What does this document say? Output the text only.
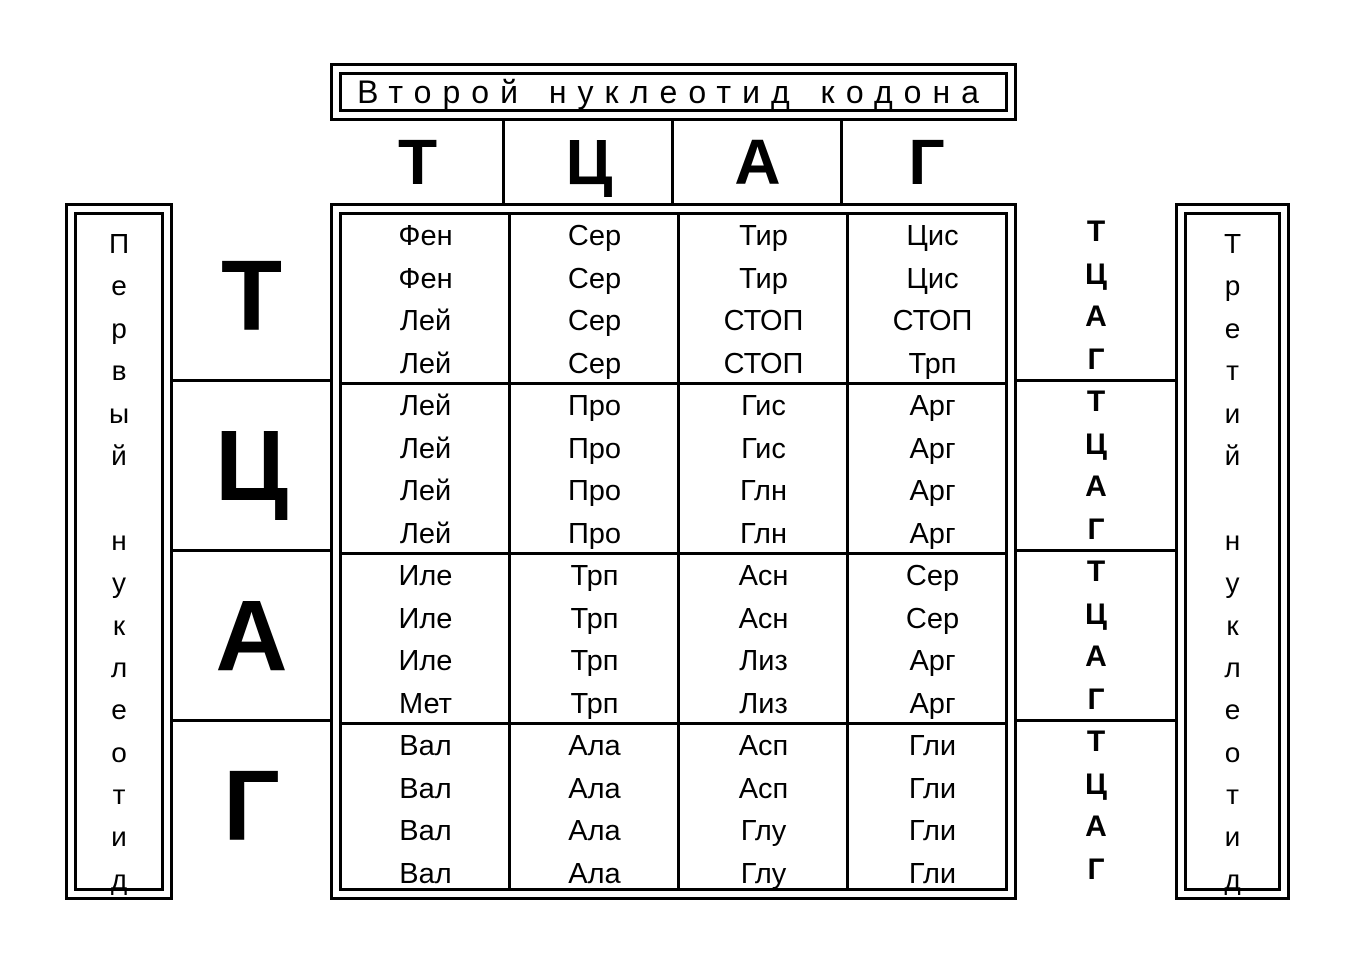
Второй нуклеотид кодона
Т	Ц	А	Г
П
е
р
в
ы
й
н
у
к
л
е
о
т
и
д
Т
Ц
А
Г
Фен	Сер	Тир	Цис
Фен	Сер	Тир	Цис
Лей	Сер	СТОП	СТОП
Лей	Сер	СТОП	Трп
Лей	Про	Гис	Арг
Лей	Про	Гис	Арг
Лей	Про	Глн	Арг
Лей	Про	Глн	Арг
Иле	Трп	Асн	Сер
Иле	Трп	Асн	Сер
Иле	Трп	Лиз	Арг
Мет	Трп	Лиз	Арг
Вал	Ала	Асп	Гли
Вал	Ала	Асп	Гли
Вал	Ала	Глу	Гли
Вал	Ала	Глу	Гли
Т
Ц
А
Г
Т
Ц
А
Г
Т
Ц
А
Г
Т
Ц
А
Г
Т
р
е
т
и
й
н
у
к
л
е
о
т
и
д
